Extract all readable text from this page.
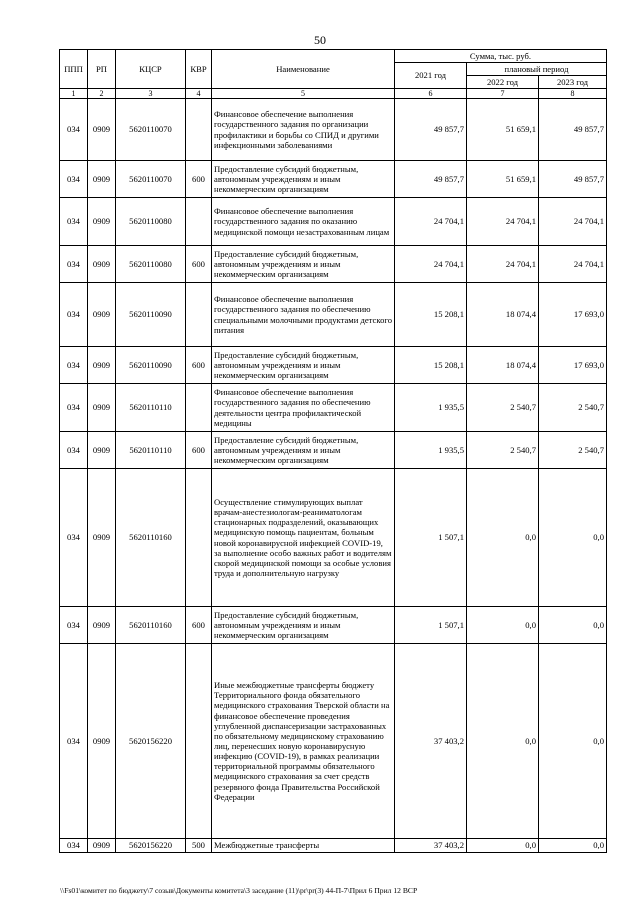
50
ППП	РП	КЦСР	КВР	Наименование	Сумма, тыс. руб.		
					2021 год	плановый период	
						2022 год	2023 год
1	2	3	4	5	6	7	8
034	0909	5620110070		Финансовое обеспечение выполнения государственного задания по организации профилактики и борьбы со СПИД и другими инфекционными заболеваниями	49 857,7	51 659,1	49 857,7
034	0909	5620110070	600	Предоставление субсидий бюджетным, автономным учреждениям и иным некоммерческим организациям	49 857,7	51 659,1	49 857,7
034	0909	5620110080		Финансовое обеспечение выполнения государственного задания по оказанию медицинской помощи незастрахованным лицам	24 704,1	24 704,1	24 704,1
034	0909	5620110080	600	Предоставление субсидий бюджетным, автономным учреждениям и иным некоммерческим организациям	24 704,1	24 704,1	24 704,1
034	0909	5620110090		Финансовое обеспечение выполнения государственного задания по обеспечению специальными молочными продуктами детского питания	15 208,1	18 074,4	17 693,0
034	0909	5620110090	600	Предоставление субсидий бюджетным, автономным учреждениям и иным некоммерческим организациям	15 208,1	18 074,4	17 693,0
034	0909	5620110110		Финансовое обеспечение выполнения государственного задания по обеспечению деятельности центра профилактической медицины	1 935,5	2 540,7	2 540,7
034	0909	5620110110	600	Предоставление субсидий бюджетным, автономным учреждениям и иным некоммерческим организациям	1 935,5	2 540,7	2 540,7
034	0909	5620110160		Осуществление стимулирующих выплат врачам-анестезиологам-реаниматологам стационарных подразделений, оказывающих медицинскую помощь пациентам, больным новой коронавирусной инфекцией COVID-19, за выполнение особо важных работ и водителям скорой медицинской помощи за особые условия труда и дополнительную нагрузку	1 507,1	0,0	0,0
034	0909	5620110160	600	Предоставление субсидий бюджетным, автономным учреждениям и иным некоммерческим организациям	1 507,1	0,0	0,0
034	0909	5620156220		Иные межбюджетные трансферты бюджету Территориального фонда обязательного медицинского страхования Тверской области на финансовое обеспечение проведения углубленной диспансеризации застрахованных по обязательному медицинскому страхованию лиц, перенесших новую коронавирусную инфекцию (COVID-19), в рамках реализации территориальной программы обязательного медицинского страхования за счет средств резервного фонда Правительства Российской Федерации	37 403,2	0,0	0,0
034	0909	5620156220	500	Межбюджетные трансферты	37 403,2	0,0	0,0
\\Fs01\комитет по бюджету\7 созыв\Документы комитета\3 заседание (11)\pr\pr(3) 44-П-7\Прил 6 Прил 12 ВСР
